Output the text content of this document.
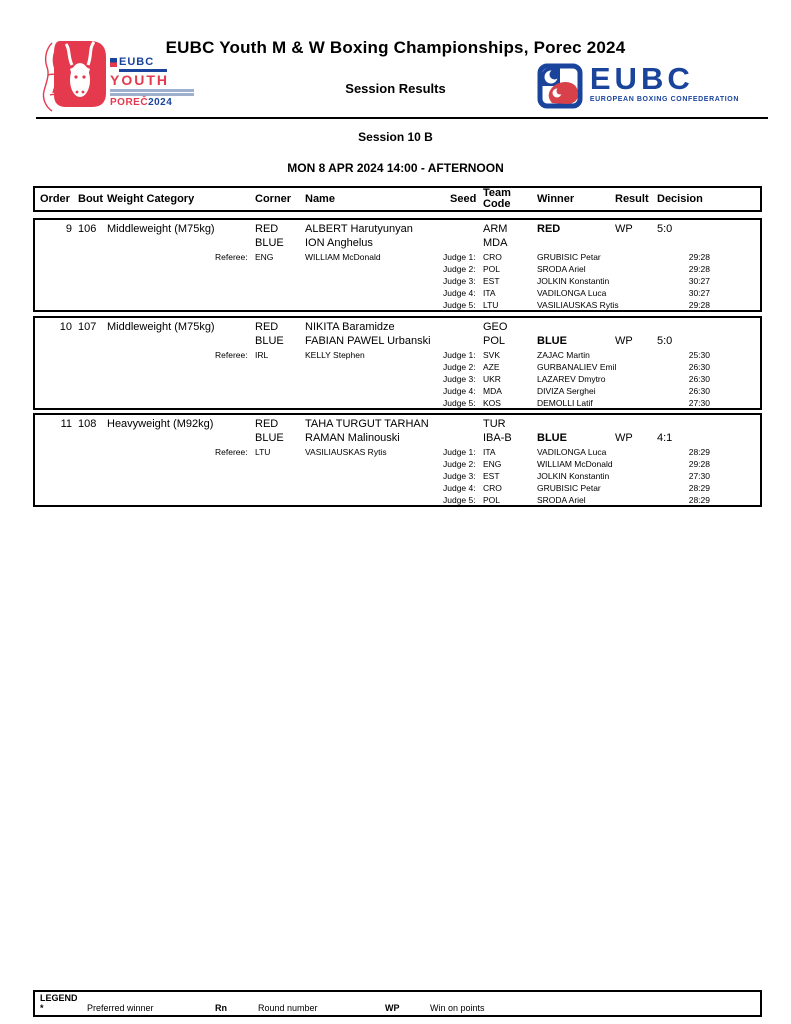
EUBC
YOUTH
POREČ2024
EUBC Youth M & W Boxing Championships, Porec 2024
Session Results	EUBC
EUROPEAN BOXING CONFEDERATION
Session 10 B
MON 8 APR 2024 14:00 - AFTERNOON
Order Bout Weight Category	Corner Name	Seed Team Code	Winner	Result Decision
9 106 Middleweight (M75kg)	RED ALBERT Harutyunyan	ARM	RED	WP 5:0
BLUE ION Anghelus	MDA
Referee: ENG	WILLIAM McDonald	Judge 1: CRO	GRUBISIC Petar	29:28
Judge 2: POL	SRODA Ariel	29:28
Judge 3: EST	JOLKIN Konstantin	30:27
Judge 4: ITA	VADILONGA Luca	30:27
Judge 5: LTU	VASILIAUSKAS Rytis	29:28
10 107 Middleweight (M75kg)	RED NIKITA Baramidze	GEO
BLUE FABIAN PAWEL Urbanski	POL	BLUE	WP 5:0
Referee: IRL	KELLY Stephen	Judge 1: SVK	ZAJAC Martin	25:30
Judge 2: AZE	GURBANALIEV Emil	26:30
Judge 3: UKR	LAZAREV Dmytro	26:30
Judge 4: MDA	DIVIZA Serghei	26:30
Judge 5: KOS	DEMOLLI Latif	27:30
11 108 Heavyweight (M92kg)	RED TAHA TURGUT TARHAN	TUR
BLUE RAMAN Malinouski	IBA-B BLUE	WP 4:1
Referee: LTU	VASILIAUSKAS Rytis	Judge 1: ITA	VADILONGA Luca	28:29
Judge 2: ENG	WILLIAM McDonald	29:28
Judge 3: EST	JOLKIN Konstantin	27:30
Judge 4: CRO	GRUBISIC Petar	28:29
Judge 5: POL	SRODA Ariel	28:29
LEGEND
*	Preferred winner	Rn	Round number	WP	Win on points
